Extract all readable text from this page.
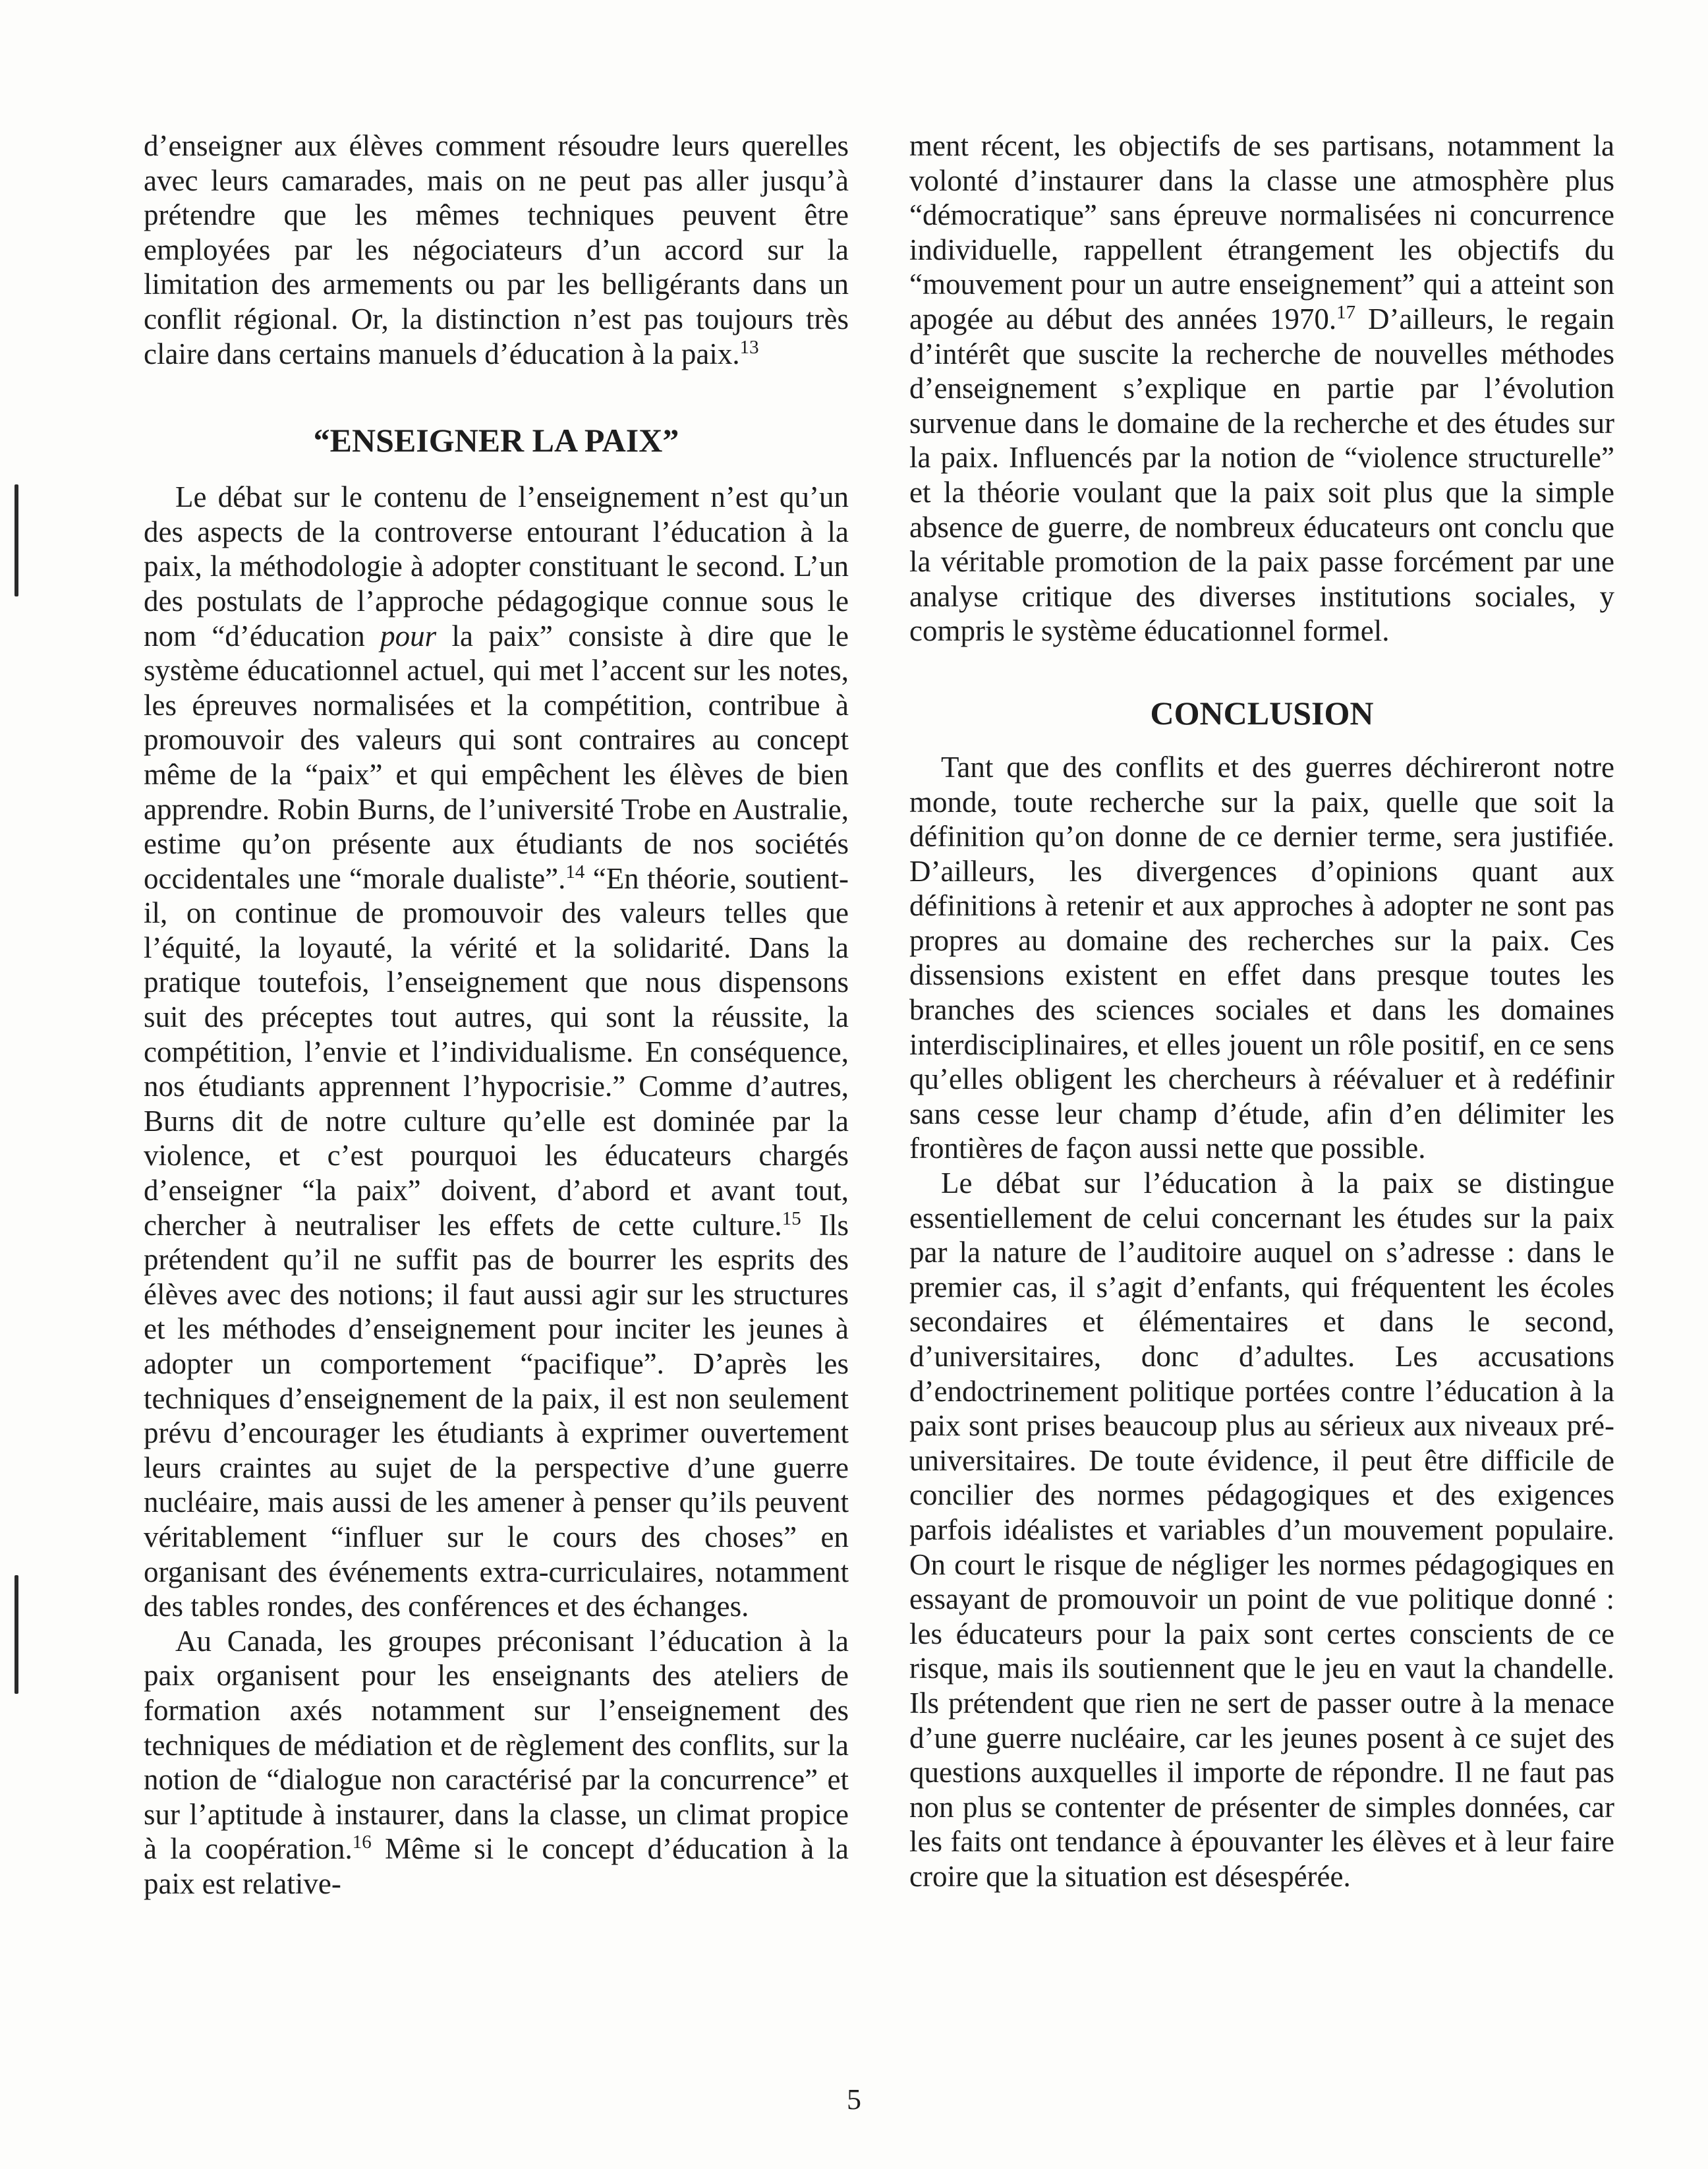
d’enseigner aux élèves comment résoudre leurs querelles avec leurs camarades, mais on ne peut pas aller jusqu’à prétendre que les mêmes techniques peuvent être employées par les négociateurs d’un accord sur la limitation des armements ou par les belligérants dans un conflit régional. Or, la distinction n’est pas toujours très claire dans certains manuels d’éducation à la paix.$^{13}$

“ENSEIGNER LA PAIX”

Le débat sur le contenu de l’enseignement n’est qu’un des aspects de la controverse entourant l’éducation à la paix, la méthodologie à adopter constituant le second. L’un des postulats de l’approche pédagogique connue sous le nom “d’éducation pour la paix” consiste à dire que le système éducationnel actuel, qui met l’accent sur les notes, les épreuves normalisées et la compétition, contribue à promouvoir des valeurs qui sont contraires au concept même de la “paix” et qui empêchent les élèves de bien apprendre. Robin Burns, de l’université Trobe en Australie, estime qu’on présente aux étudiants de nos sociétés occidentales une “morale dualiste”.$^{14}$ “En théorie, soutient-il, on continue de promouvoir des valeurs telles que l’équité, la loyauté, la vérité et la solidarité. Dans la pratique toutefois, l’enseignement que nous dispensons suit des préceptes tout autres, qui sont la réussite, la compétition, l’envie et l’individualisme. En conséquence, nos étudiants apprennent l’hypocrisie.” Comme d’autres, Burns dit de notre culture qu’elle est dominée par la violence, et c’est pourquoi les éducateurs chargés d’enseigner “la paix” doivent, d’abord et avant tout, chercher à neutraliser les effets de cette culture.$^{15}$ Ils prétendent qu’il ne suffit pas de bourrer les esprits des élèves avec des notions; il faut aussi agir sur les structures et les méthodes d’enseignement pour inciter les jeunes à adopter un comportement “pacifique”. D’après les techniques d’enseignement de la paix, il est non seulement prévu d’encourager les étudiants à exprimer ouvertement leurs craintes au sujet de la perspective d’une guerre nucléaire, mais aussi de les amener à penser qu’ils peuvent véritablement “influer sur le cours des choses” en organisant des événements extra-curriculaires, notamment des tables rondes, des conférences et des échanges.

Au Canada, les groupes préconisant l’éducation à la paix organisent pour les enseignants des ateliers de formation axés notamment sur l’enseignement des techniques de médiation et de règlement des conflits, sur la notion de “dialogue non caractérisé par la concurrence” et sur l’aptitude à instaurer, dans la classe, un climat propice à la coopération.$^{16}$ Même si le concept d’éducation à la paix est relative-

ment récent, les objectifs de ses partisans, notamment la volonté d’instaurer dans la classe une atmosphère plus “démocratique” sans épreuve normalisées ni concurrence individuelle, rappellent étrangement les objectifs du “mouvement pour un autre enseignement” qui a atteint son apogée au début des années 1970.17 D’ailleurs, le regain d’intérêt que suscite la recherche de nouvelles méthodes d’enseignement s’explique en partie par l’évolution survenue dans le domaine de la recherche et des études sur la paix. Influencés par la notion de “violence structurelle” et la théorie voulant que la paix soit plus que la simple absence de guerre, de nombreux éducateurs ont conclu que la véritable promotion de la paix passe forcément par une analyse critique des diverses institutions sociales, y compris le système éducationnel formel.

CONCLUSION

Tant que des conflits et des guerres déchireront notre monde, toute recherche sur la paix, quelle que soit la définition qu’on donne de ce dernier terme, sera justifiée. D’ailleurs, les divergences d’opinions quant aux définitions à retenir et aux approches à adopter ne sont pas propres au domaine des recherches sur la paix. Ces dissensions existent en effet dans presque toutes les branches des sciences sociales et dans les domaines interdisciplinaires, et elles jouent un rôle positif, en ce sens qu’elles obligent les chercheurs à réévaluer et à redéfinir sans cesse leur champ d’étude, afin d’en délimiter les frontières de façon aussi nette que possible.

Le débat sur l’éducation à la paix se distingue essentiellement de celui concernant les études sur la paix par la nature de l’auditoire auquel on s’adresse : dans le premier cas, il s’agit d’enfants, qui fréquentent les écoles secondaires et élémentaires et dans le second, d’universitaires, donc d’adultes. Les accusations d’endoctrinement politique portées contre l’éducation à la paix sont prises beaucoup plus au sérieux aux niveaux pré-universitaires. De toute évidence, il peut être difficile de concilier des normes pédagogiques et des exigences parfois idéalistes et variables d’un mouvement populaire. On court le risque de négliger les normes pédagogiques en essayant de promouvoir un point de vue politique donné : les éducateurs pour la paix sont certes conscients de ce risque, mais ils soutiennent que le jeu en vaut la chandelle. Ils prétendent que rien ne sert de passer outre à la menace d’une guerre nucléaire, car les jeunes posent à ce sujet des questions auxquelles il importe de répondre. Il ne faut pas non plus se contenter de présenter de simples données, car les faits ont tendance à épouvanter les élèves et à leur faire croire que la situation est désespérée.

5
